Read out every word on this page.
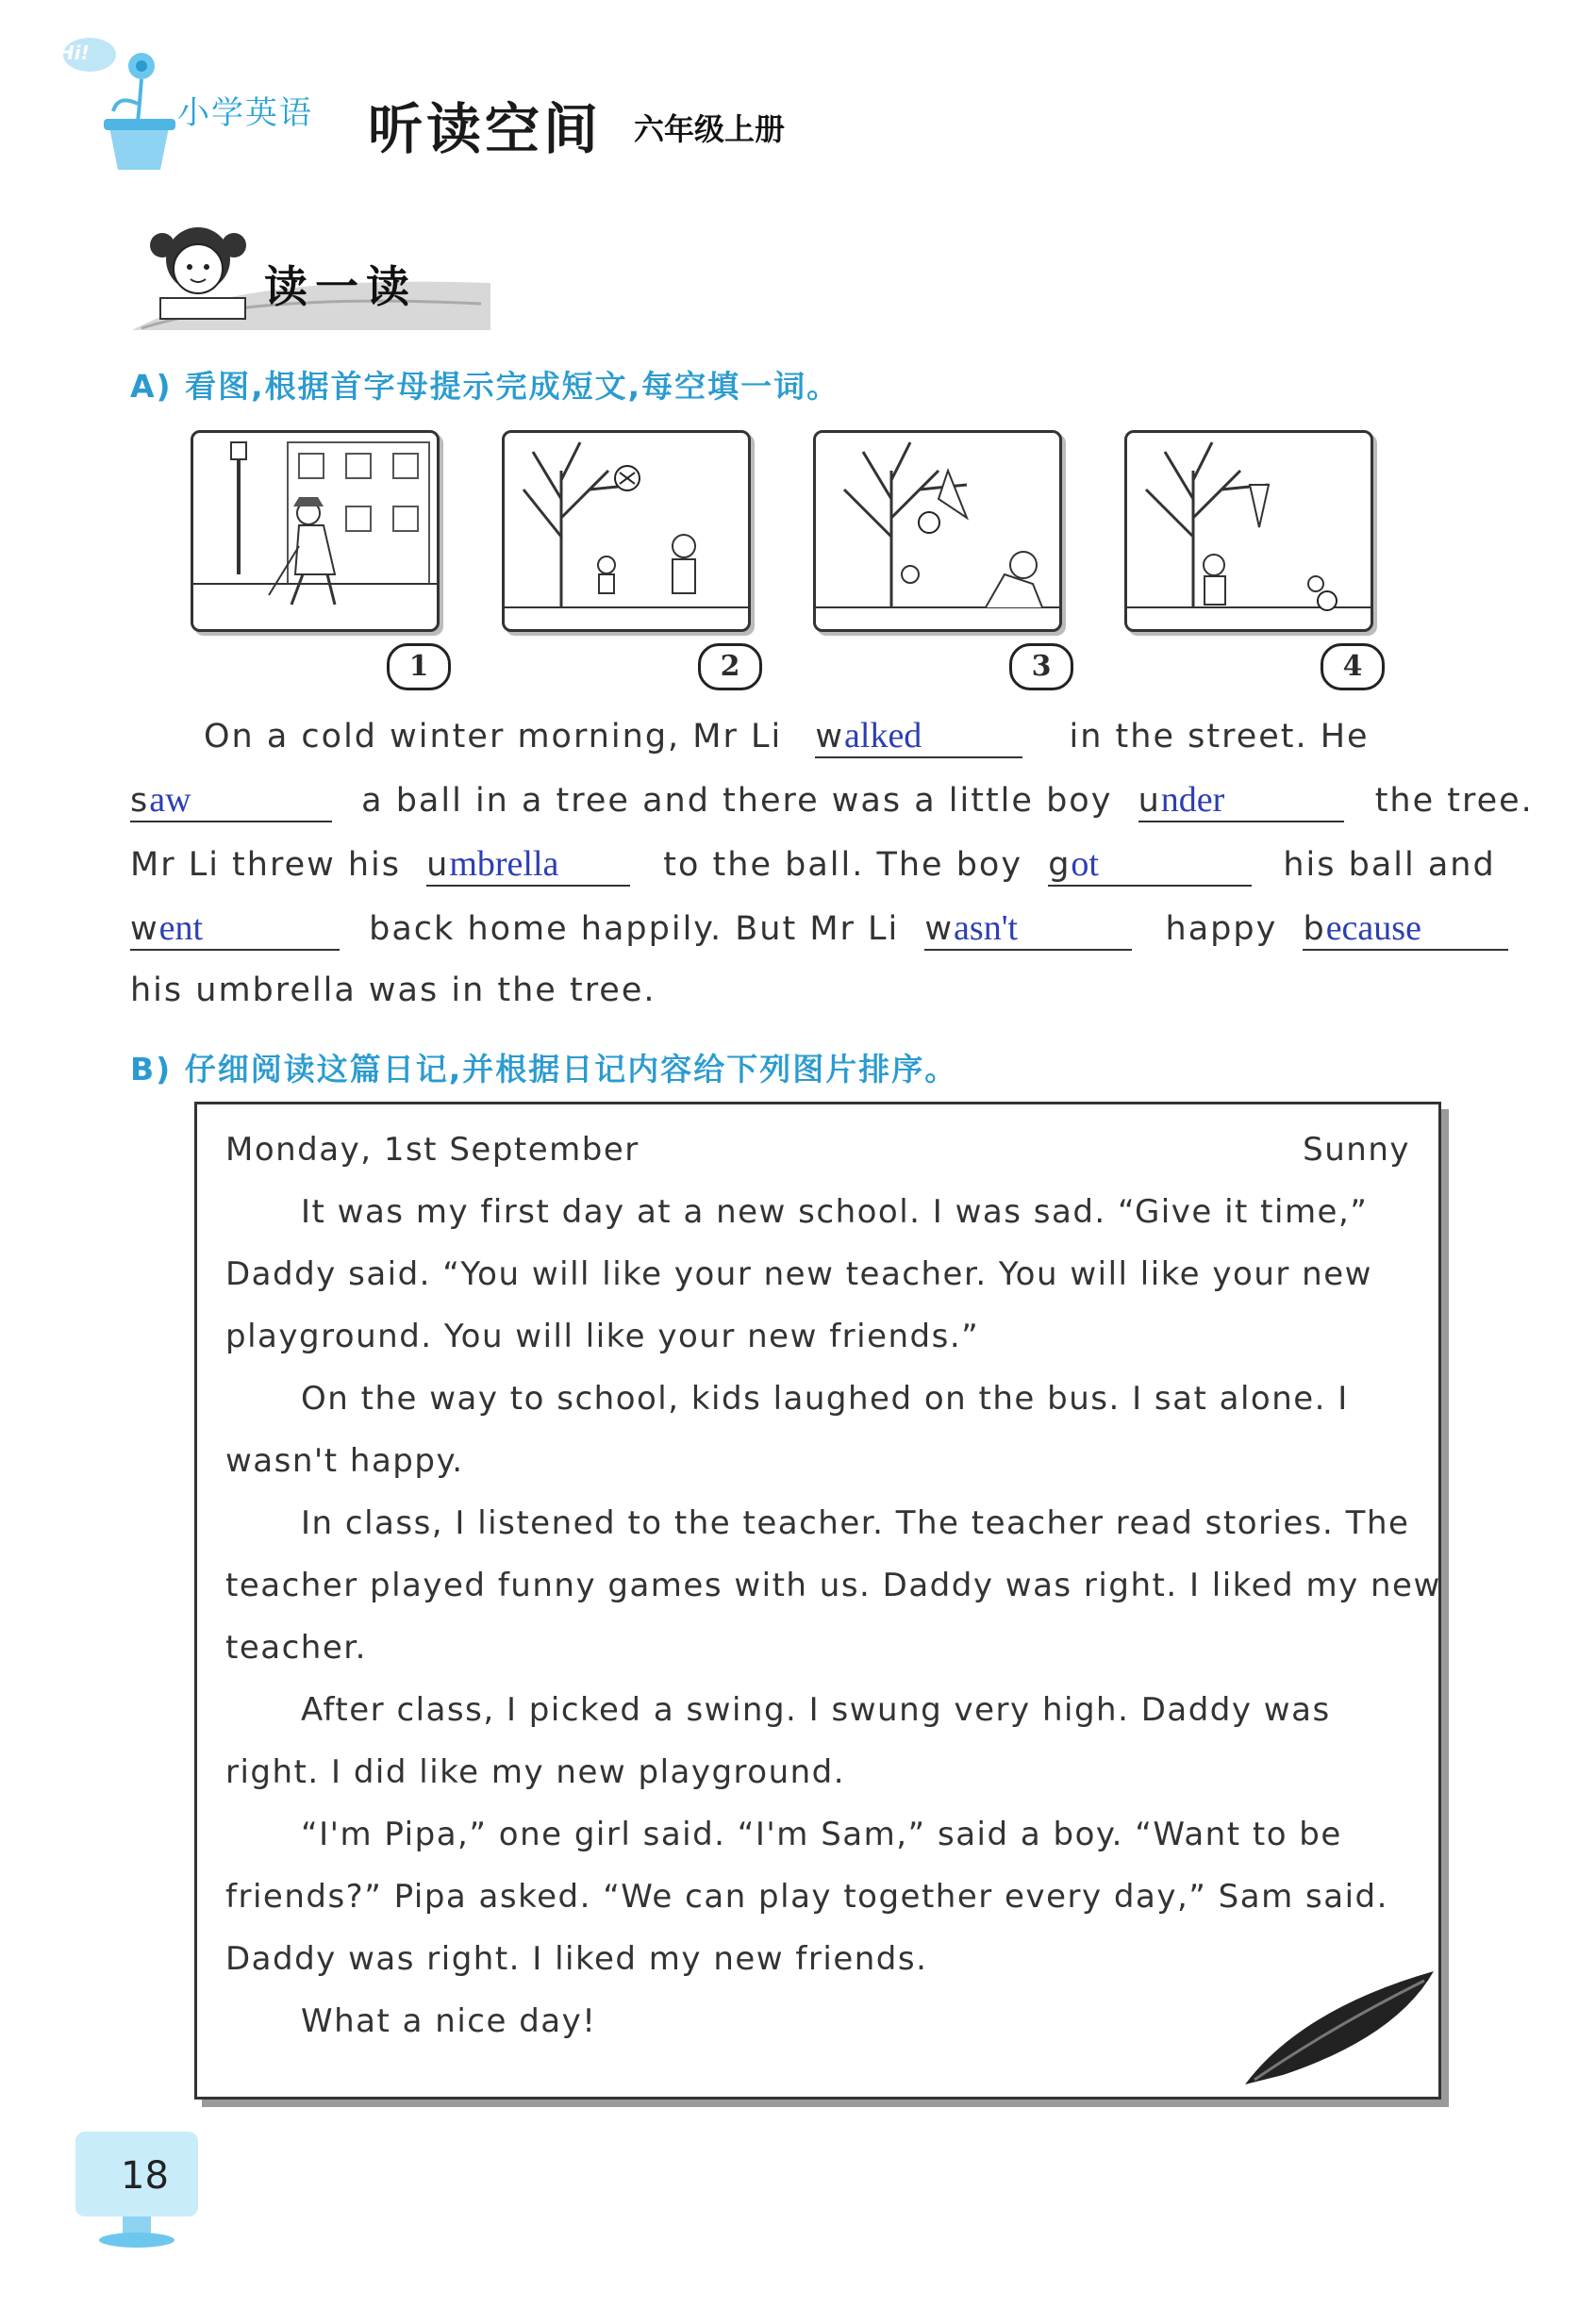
Hi!
小学英语 听读空间 六年级上册
读一读
A) 看图,根据首字母提示完成短文,每空填一词。
1	2	3	4
On a cold winter morning, Mr Li walked	in the street. He
saw	a ball in a tree and there was a little boy under	the tree.
Mr Li threw his umbrella	to the ball. The boy got	his ball and
went	back home happily. But Mr Li wasn't	happy because
his umbrella was in the tree.
B) 仔细阅读这篇日记,并根据日记内容给下列图片排序。
Monday, 1st September	Sunny
It was my first day at a new school. I was sad. “Give it time,”
Daddy said. “You will like your new teacher. You will like your new
playground. You will like your new friends.”
On the way to school, kids laughed on the bus. I sat alone. I
wasn't happy.
In class, I listened to the teacher. The teacher read stories. The
teacher played funny games with us. Daddy was right. I liked my new
teacher.
After class, I picked a swing. I swung very high. Daddy was
right. I did like my new playground.
“I'm Pipa,” one girl said. “I'm Sam,” said a boy. “Want to be
friends?” Pipa asked. “We can play together every day,” Sam said.
Daddy was right. I liked my new friends.
What a nice day!
18
